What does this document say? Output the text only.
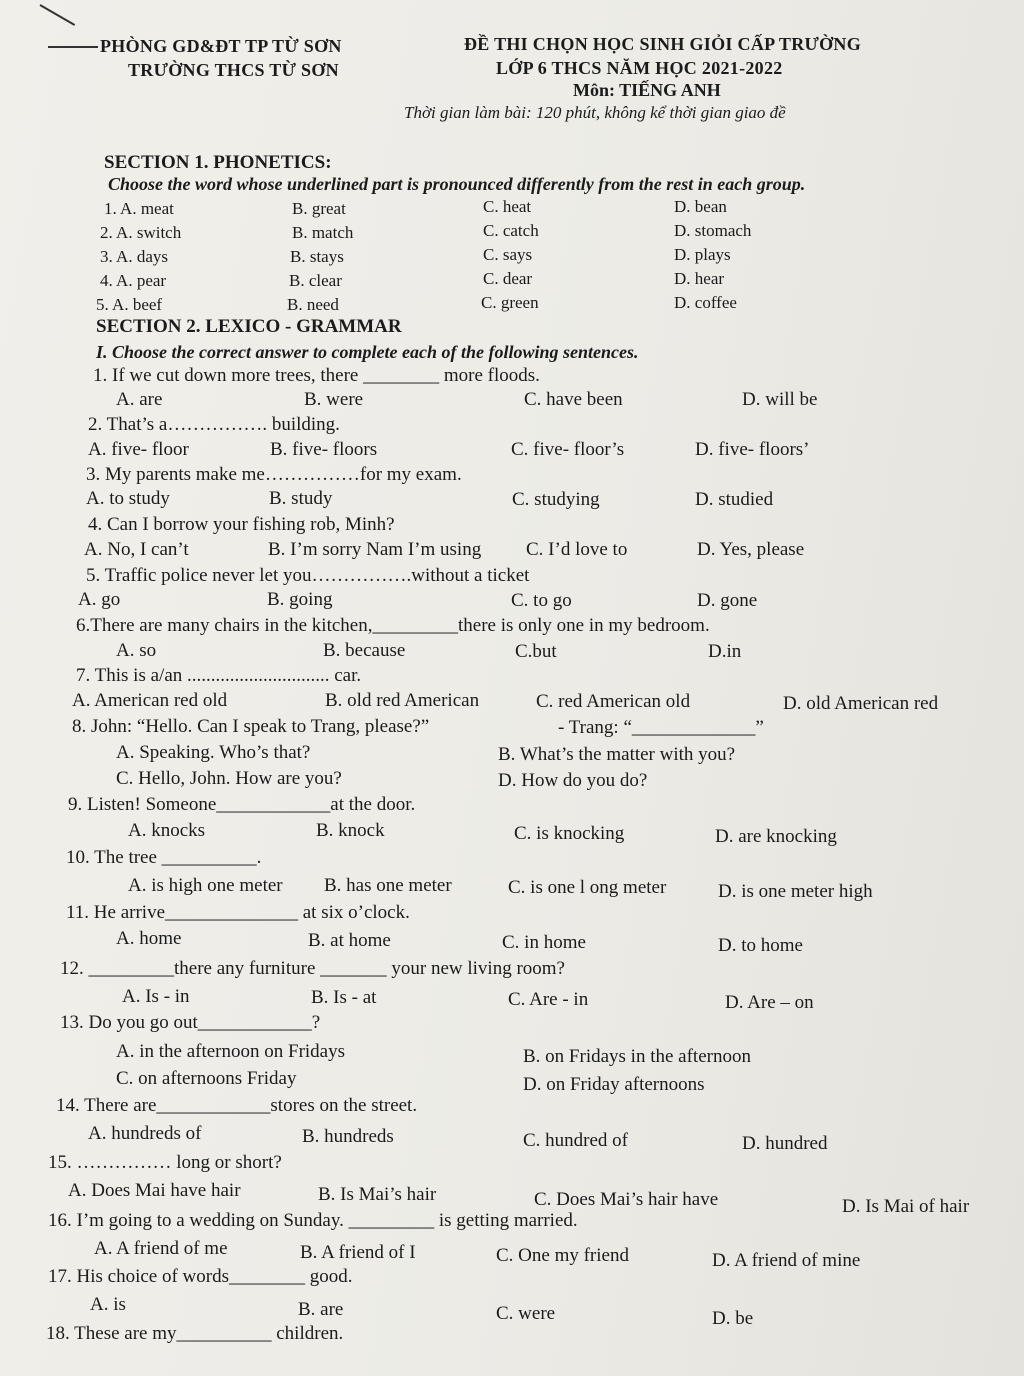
PHÒNG GD&ĐT TP TỪ SƠN
TRƯỜNG THCS TỪ SƠN
ĐỀ THI CHỌN HỌC SINH GIỎI CẤP TRƯỜNG
LỚP 6 THCS NĂM HỌC 2021-2022
Môn: TIẾNG ANH
Thời gian làm bài: 120 phút, không kể thời gian giao đề
SECTION 1. PHONETICS:
Choose the word whose underlined part is pronounced differently from the rest in each group.
1. A. meat	B. great	C. heat	D. bean
2. A. switch	B. match	C. catch	D. stomach
3. A. days	B. stays	C. says	D. plays
4. A. pear	B. clear	C. dear	D. hear
5. A. beef	B. need	C. green	D. coffee
SECTION 2. LEXICO - GRAMMAR
I. Choose the correct answer to complete each of the following sentences.
1. If we cut down more trees, there ________ more floods.
A. are	B. were	C. have been	D. will be
2. That’s a……………. building.
A. five- floor	B. five- floors	C. five- floor’s	D. five- floors’
3. My parents make me……………for my exam.
A. to study	B. study	C. studying	D. studied
4. Can I borrow your fishing rob, Minh?
A. No, I can’t	B. I’m sorry Nam I’m using C. I’d love to	D. Yes, please
5. Traffic police never let you…………….without a ticket
A. go	B. going	C. to go	D. gone
6.There are many chairs in the kitchen,_________there is only one in my bedroom.
A. so	B. because	C.but	D.in
7. This is a/an .............................. car.
A. American red old	B. old red American	C. red American old	D. old American red
8. John: “Hello. Can I speak to Trang, please?”	- Trang: “_____________”
A. Speaking. Who’s that?	B. What’s the matter with you?
C. Hello, John. How are you?	D. How do you do?
9. Listen! Someone____________at the door.
A. knocks	B. knock	C. is knocking	D. are knocking
10. The tree __________.
A. is high one meter B. has one meter	C. is one l ong meter	D. is one meter high
11. He arrive______________ at six o’clock.
A. home	B. at home	C. in home	D. to home
12. _________there any furniture _______ your new living room?
A. Is - in	B. Is - at	C. Are - in	D. Are – on
13. Do you go out____________?
A. in the afternoon on Fridays	B. on Fridays in the afternoon
C. on afternoons Friday	D. on Friday afternoons
14. There are____________stores on the street.
A. hundreds of	B. hundreds	C. hundred of	D. hundred
15. …………… long or short?
A. Does Mai have hair	B. Is Mai’s hair	C. Does Mai’s hair have	D. Is Mai of hair
16. I’m going to a wedding on Sunday. _________ is getting married.
A. A friend of me	B. A friend of I	C. One my friend	D. A friend of mine
17. His choice of words________ good.
A. is	B. are	C. were	D. be
18. These are my__________ children.
